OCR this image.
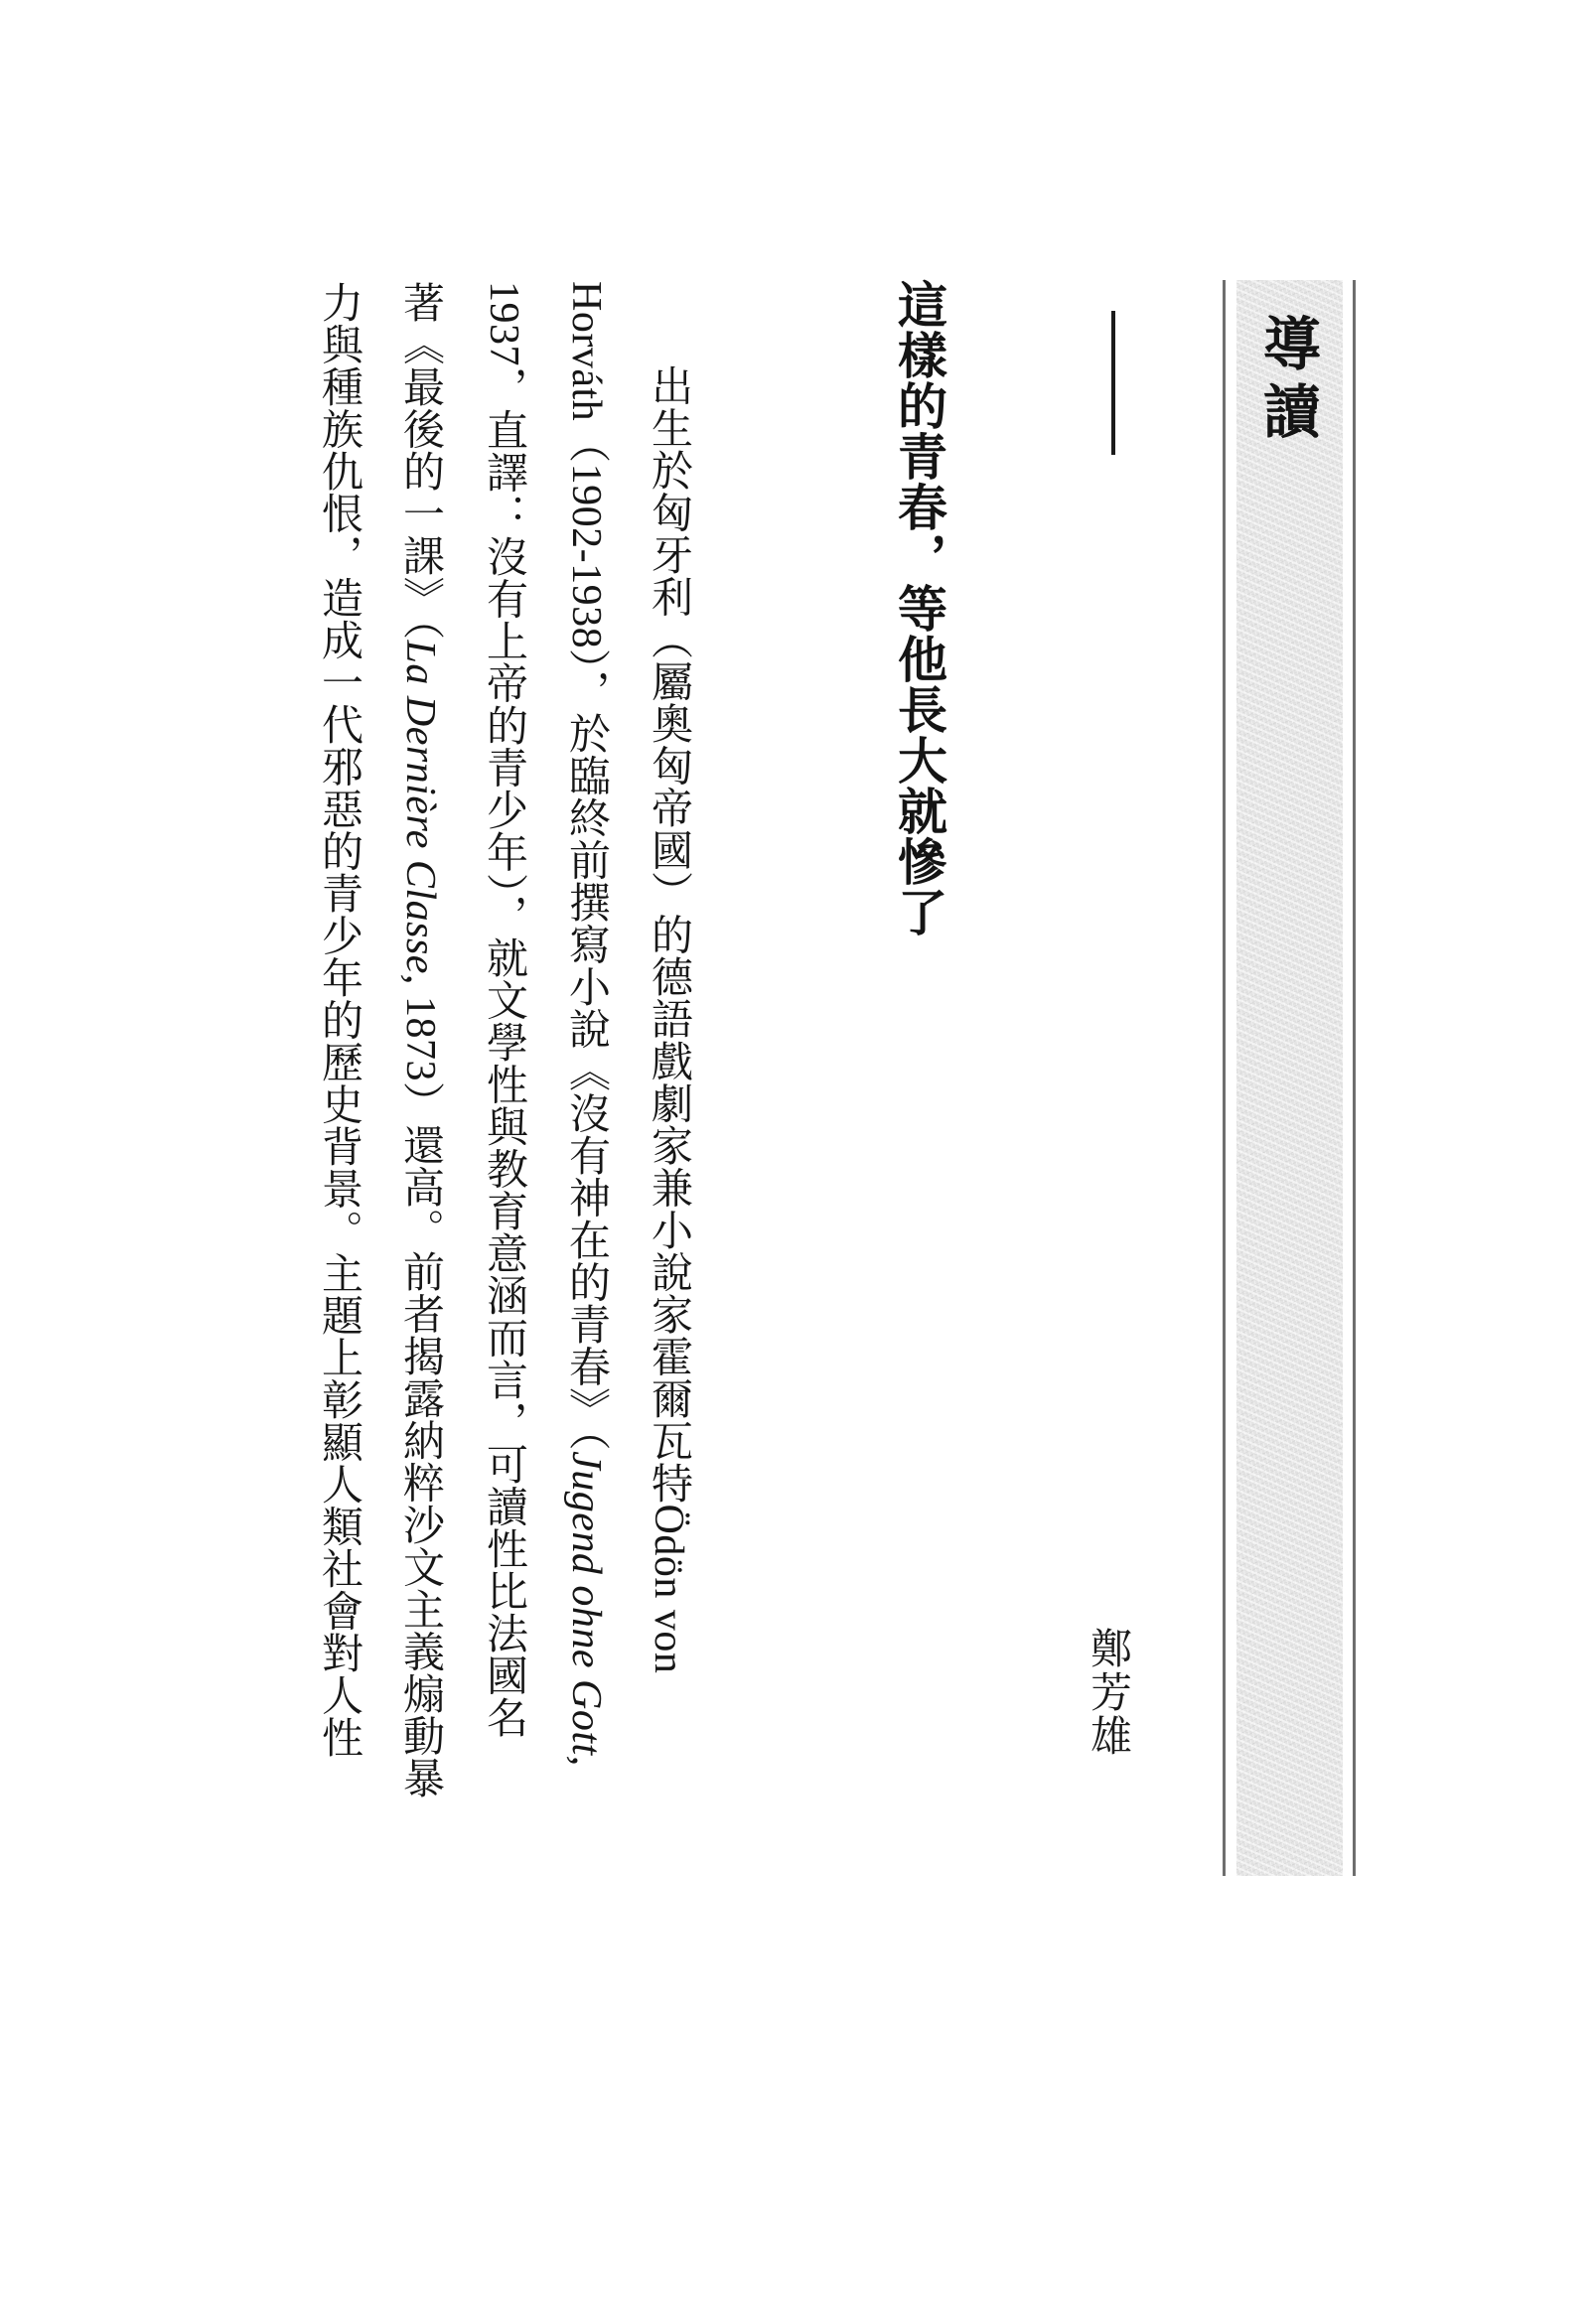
導讀
這樣的青春，等他長大就慘了
鄭芳雄
出生於匈牙利（屬奧匈帝國）的德語戲劇家兼小說家霍爾瓦特Ödön von
Horváth（1902-1938），於臨終前撰寫小說《沒有神在的青春》（Jugend ohne Gott,
1937，直譯：沒有上帝的青少年），就文學性與教育意涵而言，可讀性比法國名
著《最後的一課》（La Dernière Classe, 1873）還高。前者揭露納粹沙文主義煽動暴
力與種族仇恨，造成一代邪惡的青少年的歷史背景。主題上彰顯人類社會對人性
